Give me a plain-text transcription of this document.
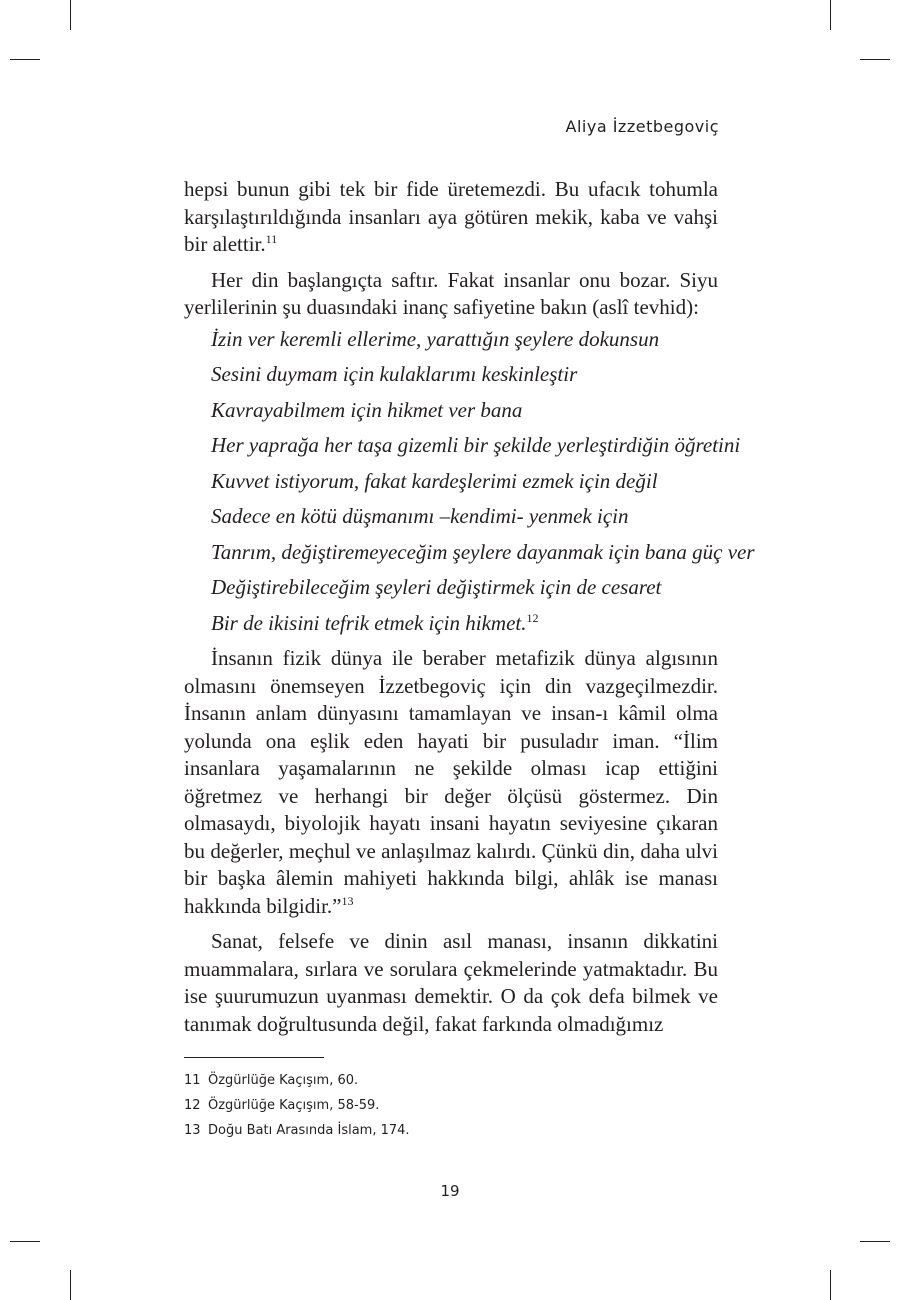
Aliya İzzetbegoviç

hepsi bunun gibi tek bir fide üretemezdi. Bu ufacık tohumla karşılaştırıldığında insanları aya götüren mekik, kaba ve vahşi bir alettir.$^{11}$

Her din başlangıçta saftır. Fakat insanlar onu bozar. Siyu yerlilerinin şu duasındaki inanç safiyetine bakın (aslî tevhid):

İzin ver keremli ellerime, yarattığın şeylere dokunsun
Sesini duymam için kulaklarımı keskinleştir
Kavrayabilmem için hikmet ver bana
Her yaprağa her taşa gizemli bir şekilde yerleştirdiğin öğretini
Kuvvet istiyorum, fakat kardeşlerimi ezmek için değil
Sadece en kötü düşmanımı –kendimi- yenmek için
Tanrım, değiştiremeyeceğim şeylere dayanmak için bana güç ver
Değiştirebileceğim şeyleri değiştirmek için de cesaret
Bir de ikisini tefrik etmek için hikmet.$^{12}$

İnsanın fizik dünya ile beraber metafizik dünya algısının olmasını önemseyen İzzetbegoviç için din vazgeçilmezdir. İnsanın anlam dünyasını tamamlayan ve insan-ı kâmil olma yolunda ona eşlik eden hayati bir pusuladır iman. “İlim insanlara yaşamalarının ne şekilde olması icap ettiğini öğretmez ve herhangi bir değer ölçüsü göstermez. Din olmasaydı, biyolojik hayatı insani hayatın seviyesine çıkaran bu değerler, meçhul ve anlaşılmaz kalırdı. Çünkü din, daha ulvi bir başka âlemin mahiyeti hakkında bilgi, ahlâk ise manası hakkında bilgidir.”$^{13}$

Sanat, felsefe ve dinin asıl manası, insanın dikkatini muammalara, sırlara ve sorulara çekmelerinde yatmaktadır. Bu ise şuurumuzun uyanması demektir. O da çok defa bilmek ve tanımak doğrultusunda değil, fakat farkında olmadığımız

11 Özgürlüğe Kaçışım, 60.
12 Özgürlüğe Kaçışım, 58-59.
13 Doğu Batı Arasında İslam, 174.
19
